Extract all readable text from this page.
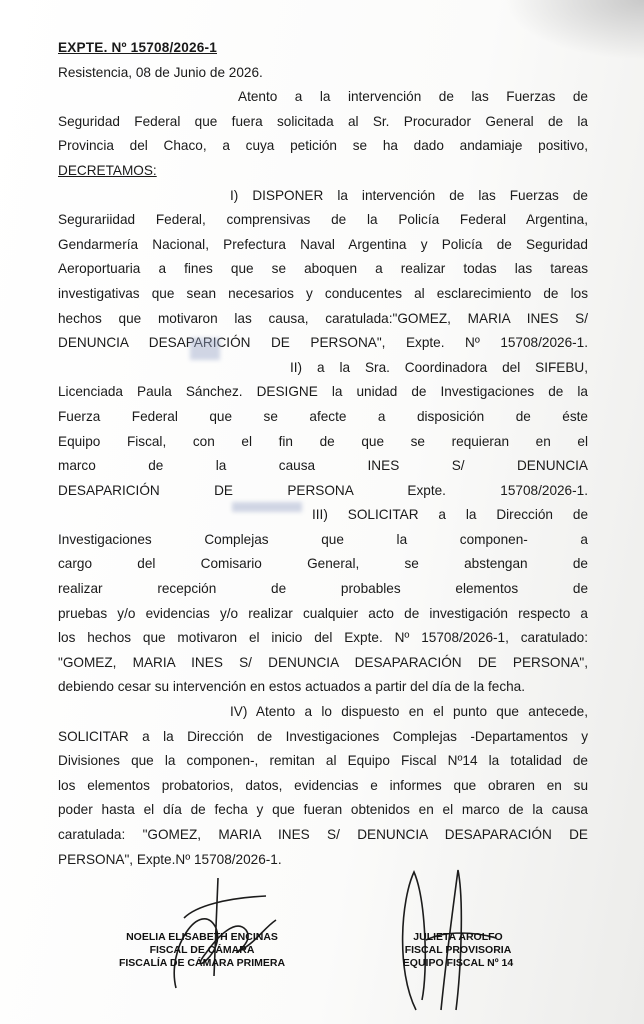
EXPTE. Nº 15708/2026-1
Resistencia, 08 de Junio de 2026.
Atento a la intervención de las Fuerzas de
Seguridad Federal que fuera solicitada al Sr. Procurador General de la
Provincia del Chaco, a cuya petición se ha dado andamiaje positivo,
DECRETAMOS:
I) DISPONER la intervención de las Fuerzas de
Segurariidad Federal, comprensivas de la Policía Federal Argentina,
Gendarmería Nacional, Prefectura Naval Argentina y Policía de Seguridad
Aeroportuaria a fines que se aboquen a realizar todas las tareas
investigativas que sean necesarios y conducentes al esclarecimiento de los
hechos que motivaron las causa, caratulada:"GOMEZ, MARIA INES S/
DENUNCIA DESAPARICIÓN DE PERSONA", Expte. Nº 15708/2026-1.
II) a la Sra. Coordinadora del SIFEBU,
Licenciada Paula Sánchez. DESIGNE la unidad de Investigaciones de la
Fuerza Federal que se afecte a disposición de éste
Equipo Fiscal, con el fin de que se requieran en el
marco de la causa INES S/ DENUNCIA
DESAPARICIÓN DE PERSONA Expte. 15708/2026-1.
III) SOLICITAR a la Dirección de
Investigaciones Complejas que la componen- a
cargo del Comisario General, se abstengan de
realizar recepción de probables elementos de
pruebas y/o evidencias y/o realizar cualquier acto de investigación respecto a
los hechos que motivaron el inicio del Expte. Nº 15708/2026-1, caratulado:
"GOMEZ, MARIA INES S/ DENUNCIA DESAPARACIÓN DE PERSONA",
debiendo cesar su intervención en estos actuados a partir del día de la fecha.
IV) Atento a lo dispuesto en el punto que antecede,
SOLICITAR a la Dirección de Investigaciones Complejas -Departamentos y
Divisiones que la componen-, remitan al Equipo Fiscal Nº14 la totalidad de
los elementos probatorios, datos, evidencias e informes que obraren en su
poder hasta el día de fecha y que fueran obtenidos en el marco de la causa
caratulada: "GOMEZ, MARIA INES S/ DENUNCIA DESAPARACIÓN DE
PERSONA", Expte.Nº 15708/2026-1.
NOELIA ELISABETH ENCINAS
FISCAL DE CÁMARA
FISCALÍA DE CÁMARA PRIMERA
JULIETA AROLFO
FISCAL PROVISORIA
EQUIPO FISCAL Nº 14
